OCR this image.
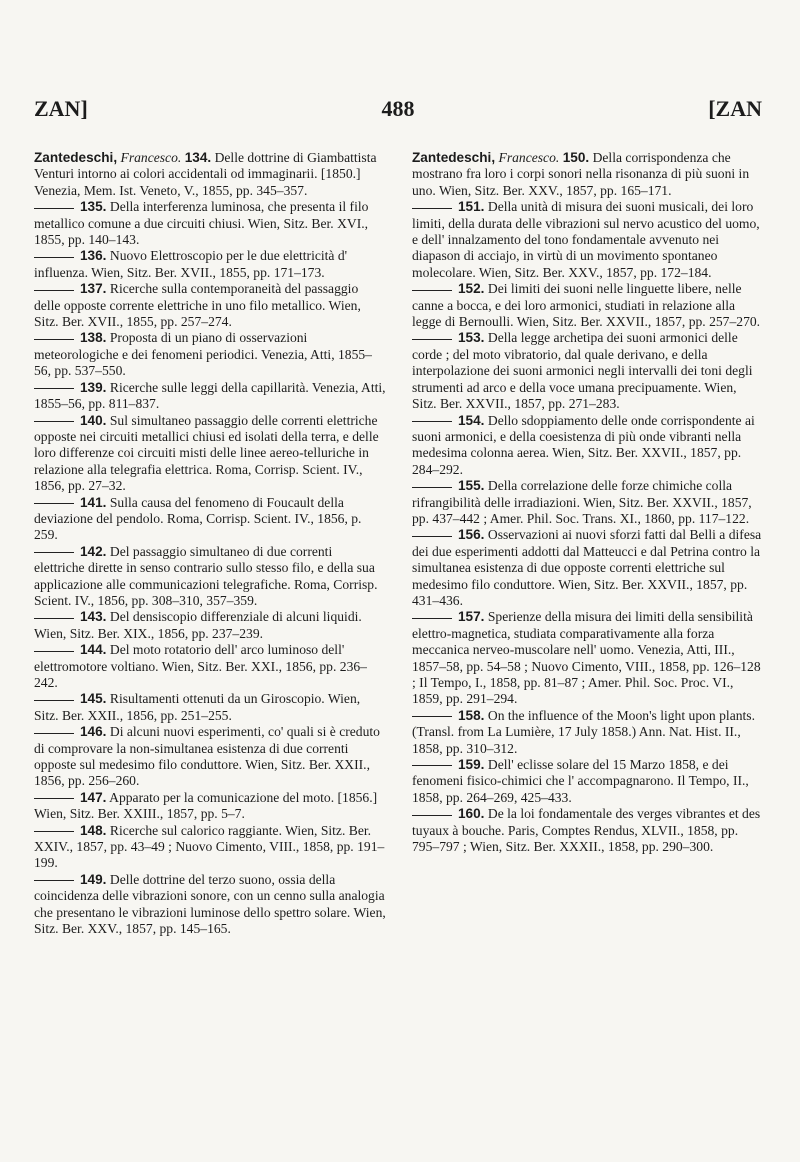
ZAN]	488	[ZAN

Zantedeschi, Francesco. 134. Delle dottrine di Giambattista Venturi intorno ai colori accidentali od immaginarii. [1850.] Venezia, Mem. Ist. Veneto, V., 1855, pp. 345–357.

135. Della interferenza luminosa, che presenta il filo metallico comune a due circuiti chiusi. Wien, Sitz. Ber. XVI., 1855, pp. 140–143.

136. Nuovo Elettroscopio per le due elettricità d' influenza. Wien, Sitz. Ber. XVII., 1855, pp. 171–173.

137. Ricerche sulla contemporaneità del passaggio delle opposte corrente elettriche in uno filo metallico. Wien, Sitz. Ber. XVII., 1855, pp. 257–274.

138. Proposta di un piano di osservazioni meteorologiche e dei fenomeni periodici. Venezia, Atti, 1855–56, pp. 537–550.

139. Ricerche sulle leggi della capillarità. Venezia, Atti, 1855–56, pp. 811–837.

140. Sul simultaneo passaggio delle correnti elettriche opposte nei circuiti metallici chiusi ed isolati della terra, e delle loro differenze coi circuiti misti delle linee aereo-telluriche in relazione alla telegrafia elettrica. Roma, Corrisp. Scient. IV., 1856, pp. 27–32.

141. Sulla causa del fenomeno di Foucault della deviazione del pendolo. Roma, Corrisp. Scient. IV., 1856, p. 259.

142. Del passaggio simultaneo di due correnti elettriche dirette in senso contrario sullo stesso filo, e della sua applicazione alle communicazioni telegrafiche. Roma, Corrisp. Scient. IV., 1856, pp. 308–310, 357–359.

143. Del densiscopio differenziale di alcuni liquidi. Wien, Sitz. Ber. XIX., 1856, pp. 237–239.

144. Del moto rotatorio dell' arco luminoso dell' elettromotore voltiano. Wien, Sitz. Ber. XXI., 1856, pp. 236–242.

145. Risultamenti ottenuti da un Giroscopio. Wien, Sitz. Ber. XXII., 1856, pp. 251–255.

146. Di alcuni nuovi esperimenti, co' quali si è creduto di comprovare la non-simultanea esistenza di due correnti opposte sul medesimo filo conduttore. Wien, Sitz. Ber. XXII., 1856, pp. 256–260.

147. Apparato per la comunicazione del moto. [1856.] Wien, Sitz. Ber. XXIII., 1857, pp. 5–7.

148. Ricerche sul calorico raggiante. Wien, Sitz. Ber. XXIV., 1857, pp. 43–49 ; Nuovo Cimento, VIII., 1858, pp. 191–199.

149. Delle dottrine del terzo suono, ossia della coincidenza delle vibrazioni sonore, con un cenno sulla analogia che presentano le vibrazioni luminose dello spettro solare. Wien, Sitz. Ber. XXV., 1857, pp. 145–165.

Zantedeschi, Francesco. 150. Della corrispondenza che mostrano fra loro i corpi sonori nella risonanza di più suoni in uno. Wien, Sitz. Ber. XXV., 1857, pp. 165–171.

151. Della unità di misura dei suoni musicali, dei loro limiti, della durata delle vibrazioni sul nervo acustico del uomo, e dell' innalzamento del tono fondamentale avvenuto nei diapason di acciajo, in virtù di un movimento spontaneo molecolare. Wien, Sitz. Ber. XXV., 1857, pp. 172–184.

152. Dei limiti dei suoni nelle linguette libere, nelle canne a bocca, e dei loro armonici, studiati in relazione alla legge di Bernoulli. Wien, Sitz. Ber. XXVII., 1857, pp. 257–270.

153. Della legge archetipa dei suoni armonici delle corde ; del moto vibratorio, dal quale derivano, e della interpolazione dei suoni armonici negli intervalli dei toni degli strumenti ad arco e della voce umana precipuamente. Wien, Sitz. Ber. XXVII., 1857, pp. 271–283.

154. Dello sdoppiamento delle onde corrispondente ai suoni armonici, e della coesistenza di più onde vibranti nella medesima colonna aerea. Wien, Sitz. Ber. XXVII., 1857, pp. 284–292.

155. Della correlazione delle forze chimiche colla rifrangibilità delle irradiazioni. Wien, Sitz. Ber. XXVII., 1857, pp. 437–442 ; Amer. Phil. Soc. Trans. XI., 1860, pp. 117–122.

156. Osservazioni ai nuovi sforzi fatti dal Belli a difesa dei due esperimenti addotti dal Matteucci e dal Petrina contro la simultanea esistenza di due opposte correnti elettriche sul medesimo filo conduttore. Wien, Sitz. Ber. XXVII., 1857, pp. 431–436.

157. Sperienze della misura dei limiti della sensibilità elettro-magnetica, studiata comparativamente alla forza meccanica nerveo-muscolare nell' uomo. Venezia, Atti, III., 1857–58, pp. 54–58 ; Nuovo Cimento, VIII., 1858, pp. 126–128 ; Il Tempo, I., 1858, pp. 81–87 ; Amer. Phil. Soc. Proc. VI., 1859, pp. 291–294.

158. On the influence of the Moon's light upon plants. (Transl. from La Lumière, 17 July 1858.) Ann. Nat. Hist. II., 1858, pp. 310–312.

159. Dell' eclisse solare del 15 Marzo 1858, e dei fenomeni fisico-chimici che l' accompagnarono. Il Tempo, II., 1858, pp. 264–269, 425–433.

160. De la loi fondamentale des verges vibrantes et des tuyaux à bouche. Paris, Comptes Rendus, XLVII., 1858, pp. 795–797 ; Wien, Sitz. Ber. XXXII., 1858, pp. 290–300.
